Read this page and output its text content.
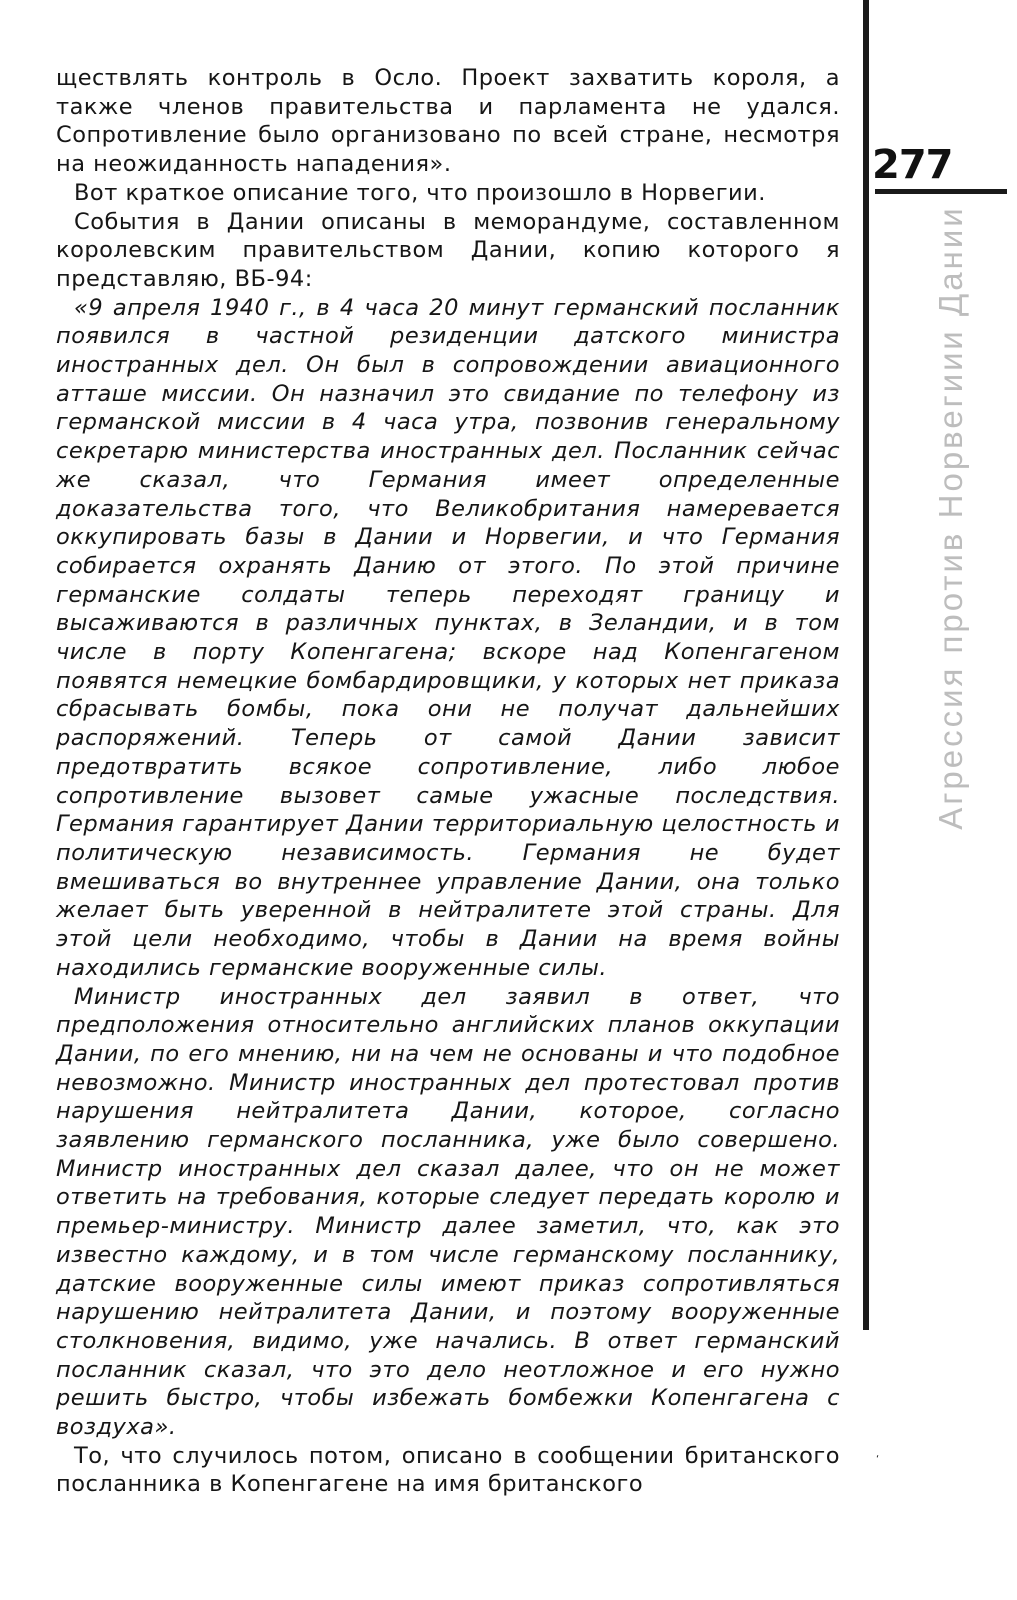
277
Агрессия против Норвегии
и Дании

ществлять контроль в Осло. Проект захватить короля, а также членов правительства и парламента не удался. Сопротивление было организовано по всей стране, несмотря на неожиданность нападения».

Вот краткое описание того, что произошло в Норвегии.

События в Дании описаны в меморандуме, составленном королевским правительством Дании, копию которого я представляю, ВБ-94:

«9 апреля 1940 г., в 4 часа 20 минут германский посланник появился в частной резиденции датского министра иностранных дел. Он был в сопровождении авиационного атташе миссии. Он назначил это свидание по телефону из германской миссии в 4 часа утра, позвонив генеральному секретарю министерства иностранных дел. Посланник сейчас же сказал, что Германия имеет определенные доказательства того, что Великобритания намеревается оккупировать базы в Дании и Норвегии, и что Германия собирается охранять Данию от этого. По этой причине германские солдаты теперь переходят границу и высаживаются в различных пунктах, в Зеландии, и в том числе в порту Копенгагена; вскоре над Копенгагеном появятся немецкие бомбардировщики, у которых нет приказа сбрасывать бомбы, пока они не получат дальнейших распоряжений. Теперь от самой Дании зависит предотвратить всякое сопротивление, либо любое сопротивление вызовет самые ужасные последствия. Германия гарантирует Дании территориальную целостность и политическую независимость. Германия не будет вмешиваться во внутреннее управление Дании, она только желает быть уверенной в нейтралитете этой страны. Для этой цели необходимо, чтобы в Дании на время войны находились германские вооруженные силы.

Министр иностранных дел заявил в ответ, что предположения относительно английских планов оккупации Дании, по его мнению, ни на чем не основаны и что подобное невозможно. Министр иностранных дел протестовал против нарушения нейтралитета Дании, которое, согласно заявлению германского посланника, уже было совершено. Министр иностранных дел сказал далее, что он не может ответить на требования, которые следует передать королю и премьер-министру. Министр далее заметил, что, как это известно каждому, и в том числе германскому посланнику, датские вооруженные силы имеют приказ сопротивляться нарушению нейтралитета Дании, и поэтому вооруженные столкновения, видимо, уже начались. В ответ германский посланник сказал, что это дело неотложное и его нужно решить быстро, чтобы избежать бомбежки Копенгагена с воздуха».

То, что случилось потом, описано в сообщении британского посланника в Копенгагене на имя британского

‘
